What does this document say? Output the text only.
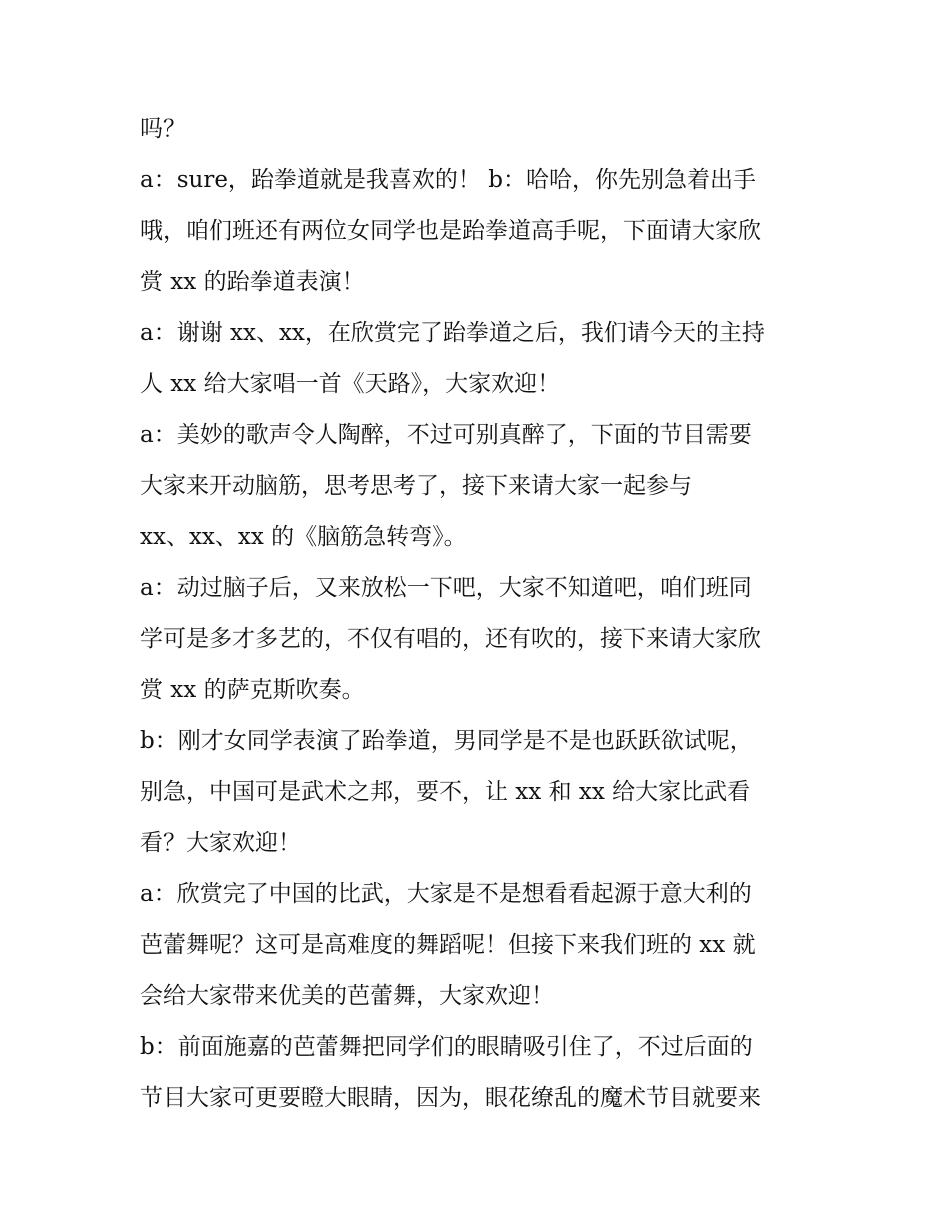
吗？
a：sure，跆拳道就是我喜欢的！ b：哈哈，你先别急着出手
哦，咱们班还有两位女同学也是跆拳道高手呢，下面请大家欣
赏 xx 的跆拳道表演！
a：谢谢 xx、xx，在欣赏完了跆拳道之后，我们请今天的主持
人 xx 给大家唱一首《天路》，大家欢迎！
a：美妙的歌声令人陶醉，不过可别真醉了，下面的节目需要
大家来开动脑筋，思考思考了，接下来请大家一起参与
xx、xx、xx 的《脑筋急转弯》。
a：动过脑子后，又来放松一下吧，大家不知道吧，咱们班同
学可是多才多艺的，不仅有唱的，还有吹的，接下来请大家欣
赏 xx 的萨克斯吹奏。
b：刚才女同学表演了跆拳道，男同学是不是也跃跃欲试呢，
别急，中国可是武术之邦，要不，让 xx 和 xx 给大家比武看
看？大家欢迎！
a：欣赏完了中国的比武，大家是不是想看看起源于意大利的
芭蕾舞呢？这可是高难度的舞蹈呢！但接下来我们班的 xx 就
会给大家带来优美的芭蕾舞，大家欢迎！
b：前面施嘉的芭蕾舞把同学们的眼睛吸引住了，不过后面的
节目大家可更要瞪大眼睛，因为，眼花缭乱的魔术节目就要来
